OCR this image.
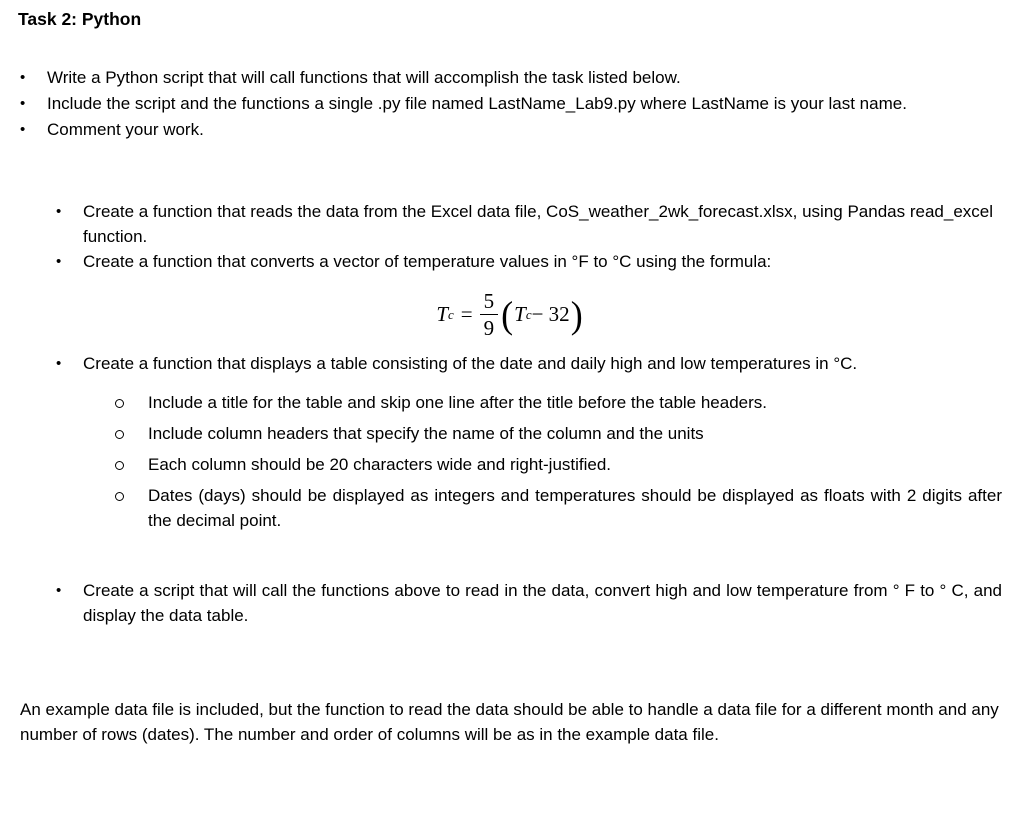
Task 2: Python
•	Write a Python script that will call functions that will accomplish the task listed below.
•	Include the script and the functions a single .py file named LastName_Lab9.py where LastName is your last name.
•	Comment your work.
•	Create a function that reads the data from the Excel data file, CoS_weather_2wk_forecast.xlsx, using Pandas read_excel function.
•	Create a function that converts a vector of temperature values in °F to °C using the formula:
T $c = \frac{5}{9}$ ( T c − 32 )
•	Create a function that displays a table consisting of the date and daily high and low temperatures in °C.
Include a title for the table and skip one line after the title before the table headers.
Include column headers that specify the name of the column and the units
Each column should be 20 characters wide and right-justified.
Dates (days) should be displayed as integers and temperatures should be displayed as floats with 2 digits after the decimal point.
•	Create a script that will call the functions above to read in the data, convert high and low temperature from ° F to ° C, and display the data table.
An example data file is included, but the function to read the data should be able to handle a data file for a different month and any number of rows (dates). The number and order of columns will be as in the example data file.
